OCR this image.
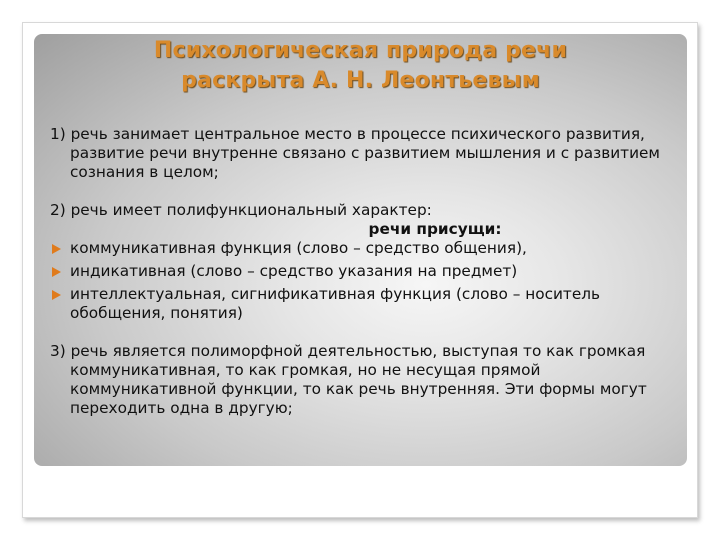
Психологическая природа речи
раскрыта А. Н. Леонтьевым

1) речь занимает центральное место в процессе психического развития, развитие речи внутренне связано с развитием мышления и с развитием сознания в целом;

2) речь имеет полифункциональный характер:

речи присущи:

коммуникативная функция (слово – средство общения),
индикативная (слово – средство указания на предмет)
интеллектуальная, сигнификативная функция (слово – носитель обобщения, понятия)

3) речь является полиморфной деятельностью, выступая то как громкая коммуникативная, то как громкая, но не несущая прямой коммуникативной функции, то как речь внутренняя. Эти формы могут переходить одна в другую;
